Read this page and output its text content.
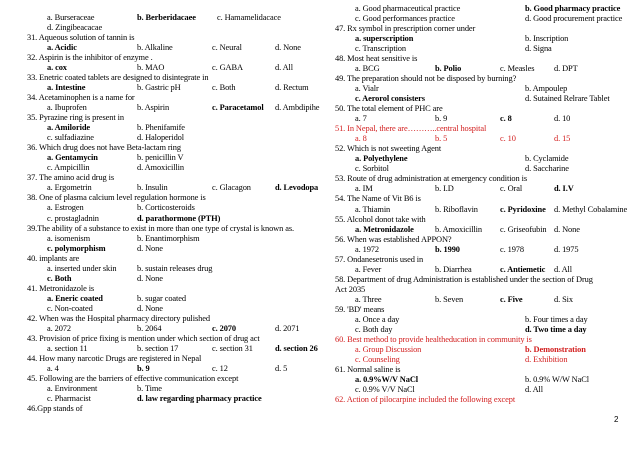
a. Burseraceae	b. Berberidacaee	c. Hamamelidacace
d. Zingibeacacae
31. Aqueous solution of tannin is
a. Acidic	b. Alkaline	c. Neural	d. None
32. Aspirin is the inhibitor of enzyme .
a. cox	b. MAO	c. GABA	d. All
33. Enetric coated tablets are designed to disintegrate in
a. Intestine	b. Gastric pH	c. Both	d. Rectum
34. Acetaminophen is a name for
a. Ibuprofen	b. Aspirin	c. Paracetamol d. Ambdipihe
35. Pyrazine ring is present in
a. Amiloride	b. Phenifamife
c. sulfadiazine	d. Haloperidol
36. Which drug does not have Beta-lactam ring
a. Gentamycin	b. penicillin V
c. Ampicillin	d. Amoxicillin
37. The amino acid drug is
a. Ergometrin	b. Insulin	c. Glacagon	d. Levodopa
38. One of plasma calcium level regulation hormone is
a. Estrogen	b. Corticosteroids
c. prostagladnin	d. parathormone (PTH)
39.The ability of a substance to exist in more than one type of crystal is known as.
a. isomenism	b. Enantimorphism
c. polymorphism	d. None
40. implants are
a. inserted under skin b. sustain releases drug
c. Both	d. None
41. Metronidazole is
a. Eneric coated	b. sugar coated
c. Non-coated	d. None
42. When was the Hospital pharmacy directory pulished
a. 2072	b. 2064	c. 2070	d. 2071
43. Provision of price fixing is mention under which section of drug act
a. section 11	b. section 17	c. section 31	d. section 26
44. How many narcotic Drugs are registered in Nepal
a. 4	b. 9	c. 12	d. 5
45. Following are the barriers of effective communication except
a. Environment	b. Time
c. Pharmacist	d. law regarding pharmacy practice
46.Gpp stands of
a. Good pharmaceutical practice	b. Good pharmacy practice
c. Good performances practice	d. Good procurement practice
47. Rx symbol in prescription corner under
a. superscription	b. Inscription
c. Transcription	d. Signa
48. Most heat sensitive is
a. BCG	b. Polio	c. Measles d. DPT
49. The preparation should not be disposed by burning?
a. Vialr	b. Ampoulep
c. Aerorol consisters	d. Sutained Relrare Tablet
50. The total element of PHC are
a. 7	b. 9	c. 8	d. 10
51. In Nepal, there are………..central hospital
a. 8	b. 5	c. 10	d. 15
52. Which is not sweeting Agent
a. Polyethylene	b. Cyclamide
c. Sorbitol	d. Saccharine
53. Route of drug administration at emergency condition is
a. IM	b. I.D	c. Oral	d. I.V
54. The Name of Vit B6 is
a. Thiamin	b. Riboflavin	c. Pyridoxine d. Methyl Cobalamine
55. Alcohol donot take with
a. Metronidazole	b. Amoxicillin c. Griseofubin d. None
56. When was established APPON?
a. 1972	b. 1990	c. 1978	d. 1975
57. Ondanesetronis used in
a. Fever	b. Diarrhea	c. Antiemetic d. All
58. Department of drug Administration is established under the section of Drug
Act 2035
a. Three	b. Seven	c. Five	d. Six
59. 'BD' means
a. Once a day	b. Four times a day
c. Both day	d. Two time a day
60. Best method to provide healtheducation in community is
a. Group Discussion	b. Demonstration
c. Counseling	d. Exhibition
61. Normal saline is
a. 0.9%W/V NaCl	b. 0.9% W/W NaCl
c. 0.9% V/V NaCl	d. All
62. Action of pilocarpine included the following except
2
